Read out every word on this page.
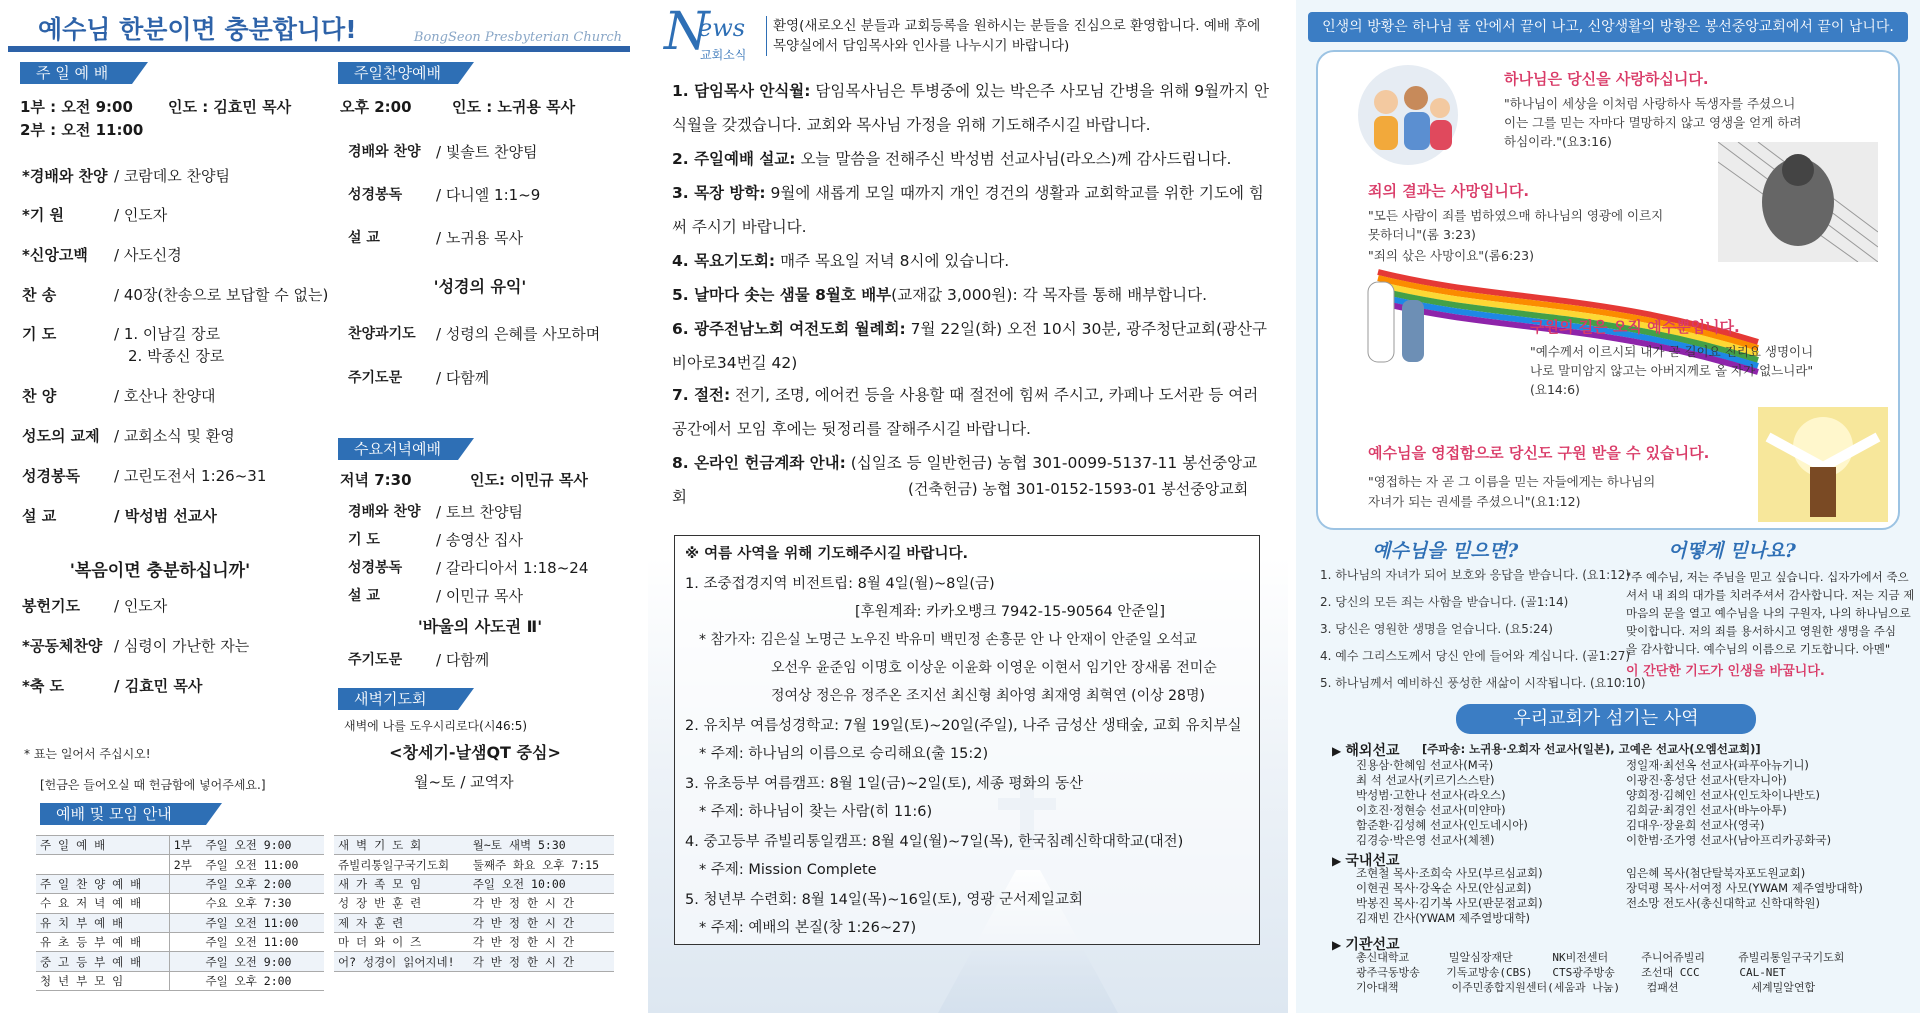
예수님 한분이면 충분합니다!	BongSeon Presbyterian Church
주 일 예 배
1부 : 오전 9:00 인도 : 김효민 목사
2부 : 오전 11:00
*경배와 찬양 / 코람데오 찬양팀
*기 원	/ 인도자
*신앙고백 / 사도신경
찬 송	/ 40장(찬송으로 보답할 수 없는)
기 도	/ 1. 이남길 장로
2. 박종신 장로
찬 양	/ 호산나 찬양대
성도의 교제 / 교회소식 및 환영
성경봉독 / 고린도전서 1:26~31
설 교	/ 박성범 선교사
봉헌기도 / 인도자
*공동체찬양 / 심령이 가난한 자는
*축 도	/ 김효민 목사
'복음이면 충분하십니까'
* 표는 일어서 주십시오!
[헌금은 들어오실 때 헌금함에 넣어주세요.]
주일찬양예배
오후 2:00	인도 : 노귀용 목사
경배와 찬양 / 빛솔트 찬양팀
성경봉독 / 다니엘 1:1~9
설 교	/ 노귀용 목사
찬양과기도 / 성령의 은혜를 사모하며
주기도문 / 다함께
'성경의 유익'
수요저녁예배
저녁 7:30	인도: 이민규 목사
경배와 찬양 / 토브 찬양팀
기 도	/ 송영산 집사
성경봉독 / 갈라디아서 1:18~24
설 교	/ 이민규 목사
주기도문 / 다함께
'바울의 사도권 Ⅱ'
새벽기도회
새벽에 나를 도우시리로다(시46:5)
<창세기-날샘QT 중심>
월~토 / 교역자
예배 및 모임 안내
주 일 예 배	1부	주일 오전 9:00
	2부	주일 오전 11:00
주 일 찬 양 예 배		주일 오후 2:00
수 요 저 녁 예 배		수요 오후 7:30
유 치 부 예 배		주일 오전 11:00
유 초 등 부 예 배		주일 오전 11:00
중 고 등 부 예 배		주일 오전 9:00
청 년 부 모 임		주일 오후 2:00
새 벽 기 도 회	월~토 새벽 5:30
쥬빌리통일구국기도회	둘째주 화요 오후 7:15
새 가 족 모 임	주일 오전 10:00
성 장 반 훈 련	각 반 정 한 시 간
제 자 훈 련	각 반 정 한 시 간
마 더 와 이 즈	각 반 정 한 시 간
어? 성경이 읽어지네!	각 반 정 한 시 간
N
ews
교회소식
환영(새로오신 분들과 교회등록을 원하시는 분들을 진심으로 환영합니다. 예배 후에 목양실에서 담임목사와 인사를 나누시기 바랍니다)
1. 담임목사 안식월: 담임목사님은 투병중에 있는 박은주 사모님 간병을 위해 9월까지 안식월을 갖겠습니다. 교회와 목사님 가정을 위해 기도해주시길 바랍니다.
2. 주일예배 설교: 오늘 말씀을 전해주신 박성범 선교사님(라오스)께 감사드립니다.
3. 목장 방학: 9월에 새롭게 모일 때까지 개인 경건의 생활과 교회학교를 위한 기도에 힘써 주시기 바랍니다.
4. 목요기도회: 매주 목요일 저녁 8시에 있습니다.
5. 날마다 솟는 샘물 8월호 배부(교재값 3,000원): 각 목자를 통해 배부합니다.
6. 광주전남노회 여전도회 월례회: 7월 22일(화) 오전 10시 30분, 광주청단교회(광산구 비아로34번길 42)
7. 절전: 전기, 조명, 에어컨 등을 사용할 때 절전에 힘써 주시고, 카페나 도서관 등 여러 공간에서 모임 후에는 뒷정리를 잘해주시길 바랍니다.
8. 온라인 헌금계좌 안내: (십일조 등 일반헌금) 농협 301-0099-5137-11 봉선중앙교회	(건축헌금) 농협 301-0152-1593-01 봉선중앙교회
※ 여름 사역을 위해 기도해주시길 바랍니다.
1. 조중접경지역 비전트립: 8월 4일(월)~8일(금)
[후원계좌: 카카오뱅크 7942-15-90564 안준일]
* 참가자: 김은실 노명근 노우진 박유미 백민정 손흥문 안 나 안재이 안준일 오석교
오선우 윤준임 이명호 이상운 이윤화 이영운 이현서 임기안 장새롬 전미순
정여상 정은유 정주온 조지선 최신형 최아영 최재영 최혁연 (이상 28명)
2. 유치부 여름성경학교: 7월 19일(토)~20일(주일), 나주 금성산 생태숲, 교회 유치부실
* 주제: 하나님의 이름으로 승리해요(출 15:2)
3. 유초등부 여름캠프: 8월 1일(금)~2일(토), 세종 평화의 동산
* 주제: 하나님이 찾는 사람(히 11:6)
4. 중고등부 쥬빌리통일캠프: 8월 4일(월)~7일(목), 한국침례신학대학교(대전)
* 주제: Mission Complete
5. 청년부 수련회: 8월 14일(목)~16일(토), 영광 군서제일교회
* 주제: 예배의 본질(창 1:26~27)
인생의 방황은 하나님 품 안에서 끝이 나고, 신앙생활의 방황은 봉선중앙교회에서 끝이 납니다.
하나님은 당신을 사랑하십니다.
"하나님이 세상을 이처럼 사랑하사 독생자를 주셨으니
이는 그를 믿는 자마다 멸망하지 않고 영생을 얻게 하려
하심이라."(요3:16)
죄의 결과는 사망입니다.
"모든 사람이 죄를 범하였으매 하나님의 영광에 이르지
못하더니"(롬 3:23)
"죄의 삯은 사망이요"(롬6:23)
구원의 길은 오직 예수뿐입니다.
"예수께서 이르시되 내가 곧 길이요 진리요 생명이니
나로 말미암지 않고는 아버지께로 올 자가 없느니라"
(요14:6)
예수님을 영접함으로 당신도 구원 받을 수 있습니다.
"영접하는 자 곧 그 이름을 믿는 자들에게는 하나님의
자녀가 되는 권세를 주셨으니"(요1:12)
예수님을 믿으면?
1. 하나님의 자녀가 되어 보호와 응답을 받습니다. (요1:12)
2. 당신의 모든 죄는 사함을 받습니다. (골1:14)
3. 당신은 영원한 생명을 얻습니다. (요5:24)
4. 예수 그리스도께서 당신 안에 들어와 계십니다. (골1:27)
5. 하나님께서 예비하신 풍성한 새삶이 시작됩니다. (요10:10)
어떻게 믿나요?
"주 예수님, 저는 주님을 믿고 싶습니다. 십자가에서 죽으
셔서 내 죄의 대가를 치러주셔서 감사합니다. 저는 지금 제
마음의 문을 열고 예수님을 나의 구원자, 나의 하나님으로
맞이합니다. 저의 죄를 용서하시고 영원한 생명을 주심
을 감사합니다. 예수님의 이름으로 기도합니다. 아멘"
이 간단한 기도가 인생을 바꿉니다.
우리교회가 섬기는 사역
▶ 해외선교 [주파송: 노귀용·오희자 선교사(일본), 고예은 선교사(오엠선교회)]
진용삼·한혜임 선교사(M국)
최 석 선교사(키르기스스탄)
박성범·고한나 선교사(라오스)
이호진·정현승 선교사(미얀마)
함준환·김성혜 선교사(인도네시아)
김경승·박은영 선교사(체첸)
정일재·최선옥 선교사(파푸아뉴기니)
이광진·홍성단 선교사(탄자니아)
양희정·김혜인 선교사(인도차이나반도)
김희균·최경인 선교사(바누아투)
김대우·장윤희 선교사(영국)
이한범·조가영 선교사(남아프리카공화국)
▶ 국내선교
조현철 목사·조희숙 사모(부르심교회)
이현권 목사·강옥순 사모(안심교회)
박봉진 목사·김기복 사모(판문점교회)
김재빈 간사(YWAM 제주열방대학)
임은혜 목사(첨단탈북자포도원교회)
장덕평 목사·서여정 사모(YWAM 제주열방대학)
전소망 전도사(총신대학교 신학대학원)
▶ 기관선교
총신대학교      밀알심장재단      NK비전센터     주니어쥬빌리     쥬빌리통일구국기도회
광주극동방송    기독교방송(CBS)   CTS광주방송    조선대 CCC      CAL-NET
기아대책        이주민종합지원센터(세움과 나눔)    컴패션           세계밀알연합
